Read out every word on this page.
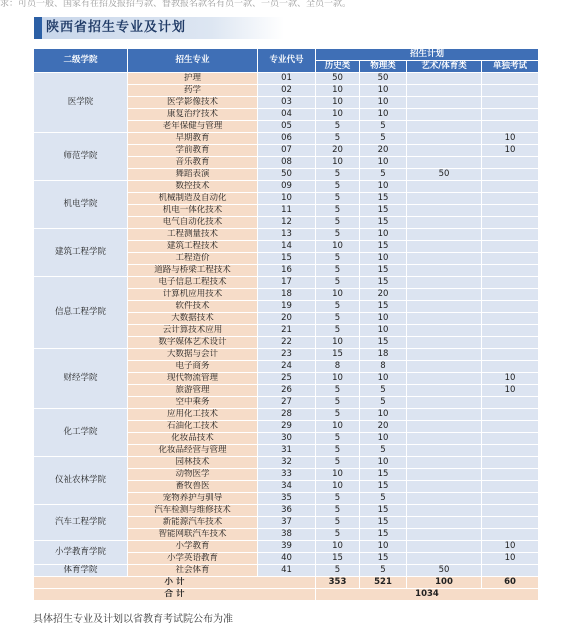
求：可员一般、国家有在招及报招与款、督教报名款名有员一款、一员一款、全员一款。
陕西省招生专业及计划
二级学院	招生专业	专业代号	招生计划			
			历史类	物理类	艺术/体育类	单独考试
医学院	护理	01	50	50		
	药学	02	10	10		
	医学影像技术	03	10	10		
	康复治疗技术	04	10	10		
	老年保健与管理	05	5	5		
师范学院	早期教育	06	5	5		10
	学前教育	07	20	20		10
	音乐教育	08	10	10		
	舞蹈表演	50	5	5	50	
机电学院	数控技术	09	5	10		
	机械制造及自动化	10	5	15		
	机电一体化技术	11	5	15		
	电气自动化技术	12	5	15		
建筑工程学院	工程测量技术	13	5	10		
	建筑工程技术	14	10	15		
	工程造价	15	5	10		
	道路与桥梁工程技术	16	5	15		
信息工程学院	电子信息工程技术	17	5	15		
	计算机应用技术	18	10	20		
	软件技术	19	5	15		
	大数据技术	20	5	10		
	云计算技术应用	21	5	10		
	数字媒体艺术设计	22	10	15		
财经学院	大数据与会计	23	15	18		
	电子商务	24	8	8		
	现代物流管理	25	10	10		10
	旅游管理	26	5	5		10
	空中乘务	27	5	5		
化工学院	应用化工技术	28	5	10		
	石油化工技术	29	10	20		
	化妆品技术	30	5	10		
	化妆品经营与管理	31	5	5		
仪祉农林学院	园林技术	32	5	10		
	动物医学	33	10	15		
	畜牧兽医	34	10	15		
	宠物养护与驯导	35	5	5		
汽车工程学院	汽车检测与维修技术	36	5	15		
	新能源汽车技术	37	5	15		
	智能网联汽车技术	38	5	15		
小学教育学院	小学教育	39	10	10		10
	小学英语教育	40	15	15		10
体育学院	社会体育	41	5	5	50	
小 计			353	521	100	60
合 计			1034			
具体招生专业及计划以省教育考试院公布为准
